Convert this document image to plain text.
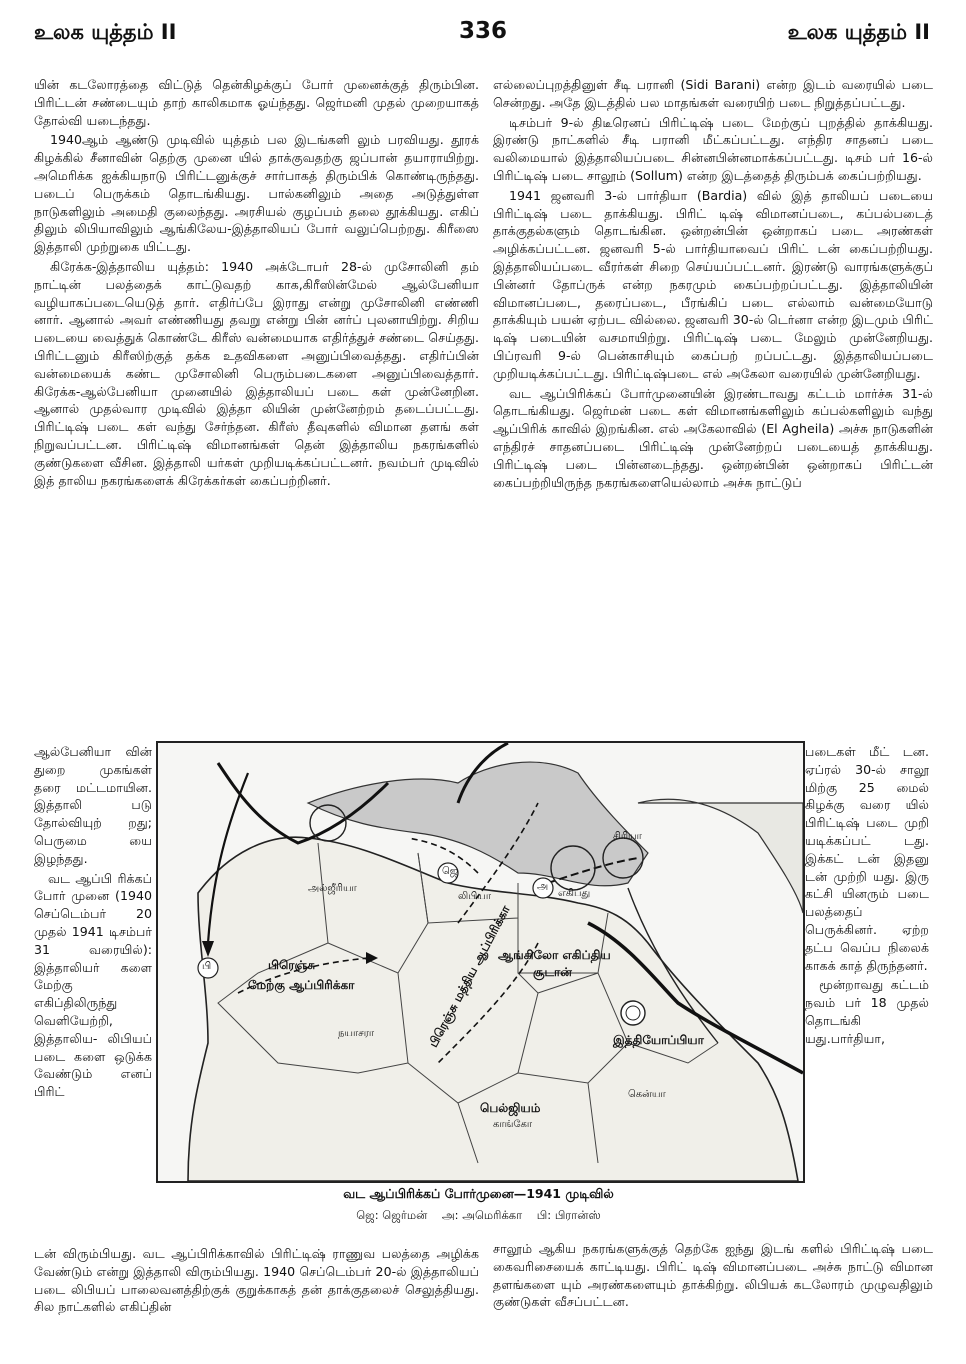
உலக யுத்தம் II	336	உலக யுத்தம் II

யின் கடலோரத்தை விட்டுத் தென்கிழக்குப் போர் முனைக்குத் திரும்பின. பிரிட்டன் சண்டையும் தாற் காலிகமாக ஓய்ந்தது. ஜெர்மனி முதல் முறையாகத் தோல்வி யடைந்தது.

1940ஆம் ஆண்டு முடிவில் யுத்தம் பல இடங்களி லும் பரவியது. தூரக் கிழக்கில் சீனாவின் தெற்கு முனை யில் தாக்குவதற்கு ஜப்பான் தயாராயிற்று. அமெரிக்க ஐக்கியநாடு பிரிட்டனுக்குச் சார்பாகத் திரும்பிக் கொண்டிருந்தது. படைப் பெருக்கம் தொடங்கியது. பால்கனிலும் அதை அடுத்துள்ள நாடுகளிலும் அமைதி குலைந்தது. அரசியல் குழப்பம் தலை தூக்கியது. எகிப் திலும் லிபியாவிலும் ஆங்கிலேய-இத்தாலியப் போர் வலுப்பெற்றது. கிரீஸை இத்தாலி முற்றுகை யிட்டது.

கிரேக்க-இத்தாலிய யுத்தம்: 1940 அக்டோபர் 28-ல் முசோலினி தம் நாட்டின் பலத்தைக் காட்டுவதற் காக,கிரீஸின்மேல் ஆல்பேனியா வழியாகப்படையெடுத் தார். எதிர்ப்பே இராது என்று முசோலினி எண்ணி னார். ஆனால் அவர் எண்ணியது தவறு என்று பின் னர்ப் புலனாயிற்று. சிறிய படையை வைத்துக் கொண்டே கிரீஸ் வன்மையாக எதிர்த்துச் சண்டை செய்தது. பிரிட்டனும் கிரீஸிற்குத் தக்க உதவிகளை அனுப்பிவைத்தது. எதிர்ப்பின் வன்மையைக் கண்ட முசோலினி பெரும்படைகளை அனுப்பிவைத்தார். கிரேக்க-ஆல்பேனியா முனையில் இத்தாலியப் படை கள் முன்னேறின. ஆனால் முதல்வார முடிவில் இத்தா லியின் முன்னேற்றம் தடைப்பட்டது. பிரிட்டிஷ் படை கள் வந்து சேர்ந்தன. கிரீஸ் தீவுகளில் விமான தளங் கள் நிறுவப்பட்டன. பிரிட்டிஷ் விமானங்கள் தென் இத்தாலிய நகரங்களில் குண்டுகளை வீசின. இத்தாலி யர்கள் முறியடிக்கப்பட்டனர். நவம்பர் முடிவில் இத் தாலிய நகரங்களைக் கிரேக்கர்கள் கைப்பற்றினர்.

ஆல்பேனியா வின் துறை முகங்கள் தரை மட்டமாயின. இத்தாலி படு தோல்வியுற் றது; பெருமை யை இழந்தது.

வட ஆப்பி ரிக்கப் போர் முனை (1940 செப்டெம்பர் 20 முதல் 1941 டிசம்பர் 31 வரையில்): இத்தாலியர் களை மேற்கு எகிப்திலிருந்து வெளியேற்றி, இத்தாலிய- லிபியப் படை களை ஒடுக்க வேண்டும் எனப் பிரிட்

எல்லைப்புறத்தினுள் சீடி பரானி (Sidi Barani) என்ற இடம் வரையில் படை சென்றது. அதே இடத்தில் பல மாதங்கள் வரையிற் படை நிறுத்தப்பட்டது.

டிசம்பர் 9-ல் திடீரெனப் பிரிட்டிஷ் படை மேற்குப் புறத்தில் தாக்கியது. இரண்டு நாட்களில் சீடி பரானி மீட்கப்பட்டது. எந்திர சாதனப் படை வலிமையால் இத்தாலியப்படை சின்னபின்னமாக்கப்பட்டது. டிசம் பர் 16-ல் பிரிட்டிஷ் படை சாலூம் (Sollum) என்ற இடத்தைத் திரும்பக் கைப்பற்றியது.

1941 ஜனவரி 3-ல் பார்தியா (Bardia) வில் இத் தாலியப் படையை பிரிட்டிஷ் படை தாக்கியது. பிரிட் டிஷ் விமானப்படை, கப்பல்படைத் தாக்குதல்களும் தொடங்கின. ஒன்றன்பின் ஒன்றாகப் படை அரண்கள் அழிக்கப்பட்டன. ஜனவரி 5-ல் பார்தியாவைப் பிரிட் டன் கைப்பற்றியது. இத்தாலியப்படை வீரர்கள் சிறை செய்யப்பட்டனர். இரண்டு வாரங்களுக்குப் பின்னர் தோப்ருக் என்ற நகரமும் கைப்பற்றப்பட்டது. இத்தாலியின் விமானப்படை, தரைப்படை, பீரங்கிப் படை எல்லாம் வன்மையோடு தாக்கியும் பயன் ஏற்பட வில்லை. ஜனவரி 30-ல் டெர்னா என்ற இடமும் பிரிட் டிஷ் படையின் வசமாயிற்று. பிரிட்டிஷ் படை மேலும் முன்னேறியது. பிப்ரவரி 9-ல் பென்காசியும் கைப்பற் றப்பட்டது. இத்தாலியப்படை முறியடிக்கப்பட்டது. பிரிட்டிஷ்படை எல் அகேலா வரையில் முன்னேறியது.

வட ஆப்பிரிக்கப் போர்முனையின் இரண்டாவது கட்டம் மார்ச்சு 31-ல் தொடங்கியது. ஜெர்மன் படை கள் விமானங்களிலும் கப்பல்களிலும் வந்து ஆப்பிரிக் காவில் இறங்கின. எல் அகேலாவில் (El Agheila) அச்சு நாடுகளின் எந்திரச் சாதனப்படை பிரிட்டிஷ் முன்னேற்றப் படையைத் தாக்கியது. பிரிட்டிஷ் படை பின்னடைந்தது. ஒன்றன்பின் ஒன்றாகப் பிரிட்டன் கைப்பற்றியிருந்த நகரங்களையெல்லாம் அச்சு நாட்டுப்

படைகள் மீட் டன. ஏப்ரல் 30-ல் சாலூ மிற்கு 25 மைல் கிழக்கு வரை யில் பிரிட்டிஷ் படை முறி யடிக்கப்பட் டது. இக்கட் டன் இதனு டன் முற்றி யது. இரு கட்சி யினரும் படை பலத்தைப் பெருக்கினர். ஏற்ற தட்ப வெப்ப நிலைக் காகக் காத் திருந்தனர்.

மூன்றாவது கட்டம் நவம் பர் 18 முதல் தொடங்கி யது.பார்தியா,

அல்ஜீரியா
லிபியா	எகிப்து
பிரெஞ்சு
மேற்கு ஆப்பிரிக்கா
நயாசரா	பிரெஞ்சு மத்திய ஆப்பிரிக்கா
ஆங்கிலோ எகிப்திய
சூடான்
இத்தியோப்பியா
பெல்ஜியம்
காங்கோ
கென்யா
சிரியா
ஜெ
அ
பி
வட ஆப்பிரிக்கப் போர்முனை—1941 முடிவில்
ஜெ: ஜெர்மன்    அ: அமெரிக்கா    பி: பிரான்ஸ்

டன் விரும்பியது. வட ஆப்பிரிக்காவில் பிரிட்டிஷ் ராணுவ பலத்தை அழிக்க வேண்டும் என்று இத்தாலி விரும்பியது. 1940 செப்டெம்பர் 20-ல் இத்தாலியப் படை லிபியப் பாலைவனத்திற்குக் குறுக்காகத் தன் தாக்குதலைச் செலுத்தியது. சில நாட்களில் எகிப்தின்

சாலூம் ஆகிய நகரங்களுக்குத் தெற்கே ஐந்து இடங் களில் பிரிட்டிஷ் படை கைவரிசையைக் காட்டியது. பிரிட் டிஷ் விமானப்படை அச்சு நாட்டு விமான தளங்களை யும் அரண்களையும் தாக்கிற்று. லிபியக் கடலோரம் முழுவதிலும் குண்டுகள் வீசப்பட்டன.
